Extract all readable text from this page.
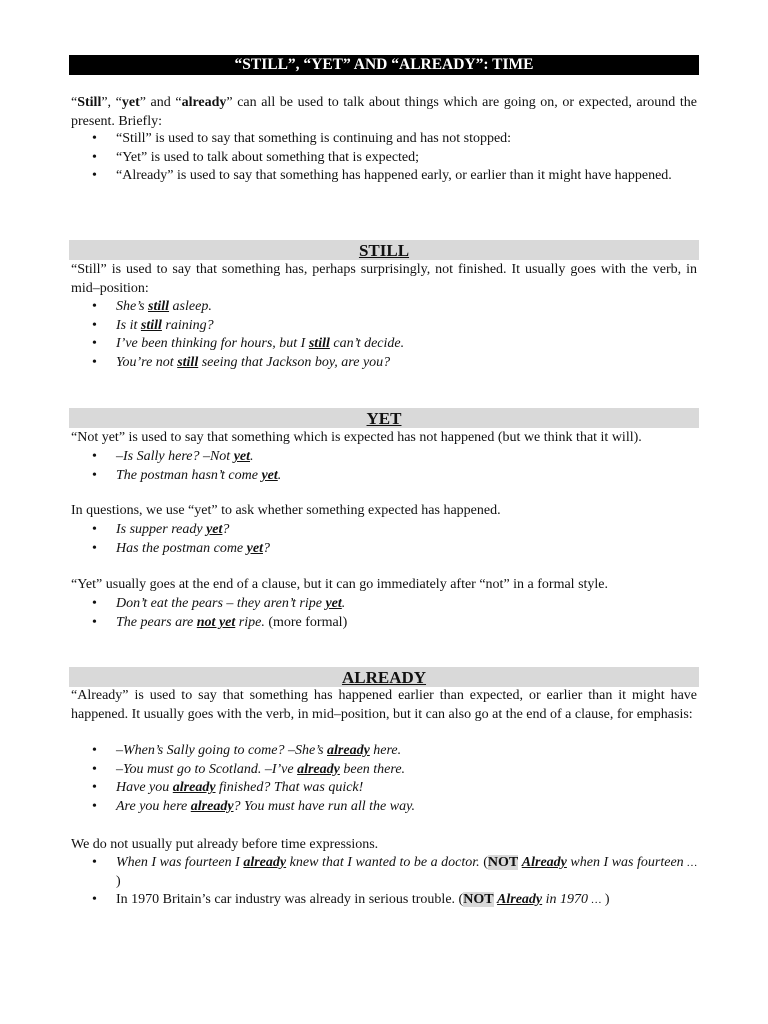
“STILL”, “YET” AND “ALREADY”: TIME

“Still”, “yet” and “already” can all be used to talk about things which are going on, or expected, around the present. Briefly:

• “Still” is used to say that something is continuing and has not stopped:
• “Yet” is used to talk about something that is expected;
• “Already” is used to say that something has happened early, or earlier than it might have happened.
STILL

“Still” is used to say that something has, perhaps surprisingly, not finished. It usually goes with the verb, in mid–position:

• She’s still asleep.
• Is it still raining?
• I’ve been thinking for hours, but I still can’t decide.
• You’re not still seeing that Jackson boy, are you?
YET

“Not yet” is used to say that something which is expected has not happened (but we think that it will).

• –Is Sally here? –Not yet.
• The postman hasn’t come yet.

In questions, we use “yet” to ask whether something expected has happened.

• Is supper ready yet?
• Has the postman come yet?

“Yet” usually goes at the end of a clause, but it can go immediately after “not” in a formal style.

• Don’t eat the pears – they aren’t ripe yet.
• The pears are not yet ripe. (more formal)
ALREADY

“Already” is used to say that something has happened earlier than expected, or earlier than it might have happened. It usually goes with the verb, in mid–position, but it can also go at the end of a clause, for emphasis:

• –When’s Sally going to come? –She’s already here.
• –You must go to Scotland. –I’ve already been there.
• Have you already finished? That was quick!
• Are you here already? You must have run all the way.

We do not usually put already before time expressions.

• When I was fourteen I already knew that I wanted to be a doctor. (NOT Already when I was fourteen … )
• In 1970 Britain’s car industry was already in serious trouble. (NOT Already in 1970 … )
